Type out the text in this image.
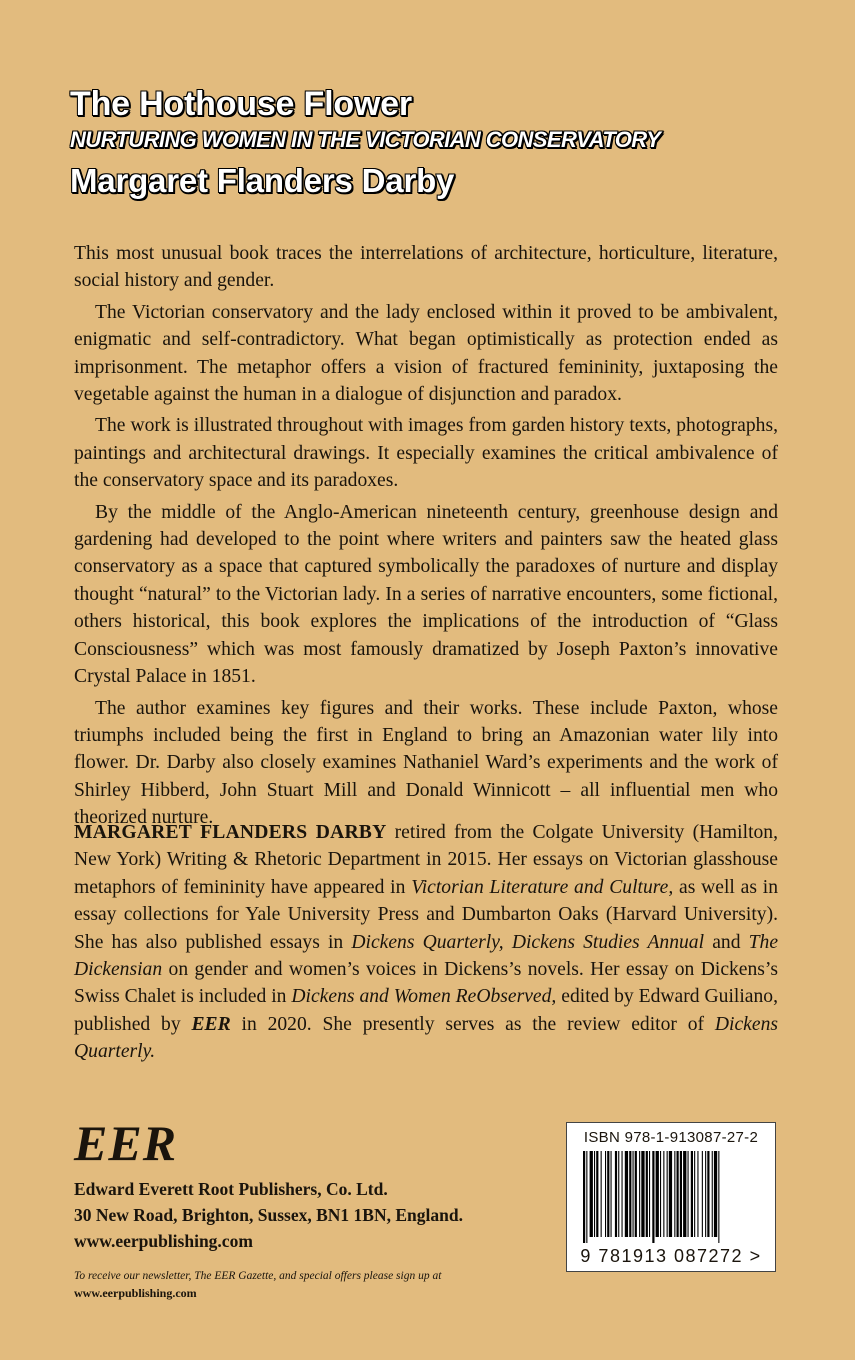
The Hothouse Flower
NURTURING WOMEN IN THE VICTORIAN CONSERVATORY
Margaret Flanders Darby

This most unusual book traces the interrelations of architecture, horticulture, literature, social history and gender.

The Victorian conservatory and the lady enclosed within it proved to be ambivalent, enigmatic and self-contradictory. What began optimistically as protection ended as imprisonment. The metaphor offers a vision of fractured femininity, juxtaposing the vegetable against the human in a dialogue of disjunction and paradox.

The work is illustrated throughout with images from garden history texts, photographs, paintings and architectural drawings. It especially examines the critical ambivalence of the conservatory space and its paradoxes.

By the middle of the Anglo-American nineteenth century, greenhouse design and gardening had developed to the point where writers and painters saw the heated glass conservatory as a space that captured symbolically the paradoxes of nurture and display thought “natural” to the Victorian lady. In a series of narrative encounters, some fictional, others historical, this book explores the implications of the introduction of “Glass Consciousness” which was most famously dramatized by Joseph Paxton’s innovative Crystal Palace in 1851.

The author examines key figures and their works. These include Paxton, whose triumphs included being the first in England to bring an Amazonian water lily into flower. Dr. Darby also closely examines Nathaniel Ward’s experiments and the work of Shirley Hibberd, John Stuart Mill and Donald Winnicott – all influential men who theorized nurture.

MARGARET FLANDERS DARBY retired from the Colgate University (Hamilton, New York) Writing & Rhetoric Department in 2015. Her essays on Victorian glasshouse metaphors of femininity have appeared in Victorian Literature and Culture, as well as in essay collections for Yale University Press and Dumbarton Oaks (Harvard University). She has also published essays in Dickens Quarterly, Dickens Studies Annual and The Dickensian on gender and women’s voices in Dickens’s novels. Her essay on Dickens’s Swiss Chalet is included in Dickens and Women ReObserved, edited by Edward Guiliano, published by EER in 2020. She presently serves as the review editor of Dickens Quarterly.
EER
Edward Everett Root Publishers, Co. Ltd.
30 New Road, Brighton, Sussex, BN1 1BN, England.
www.eerpublishing.com
To receive our newsletter, The EER Gazette, and special offers please sign up at
www.eerpublishing.com
ISBN 978-1-913087-27-2
9 781913 087272 >
